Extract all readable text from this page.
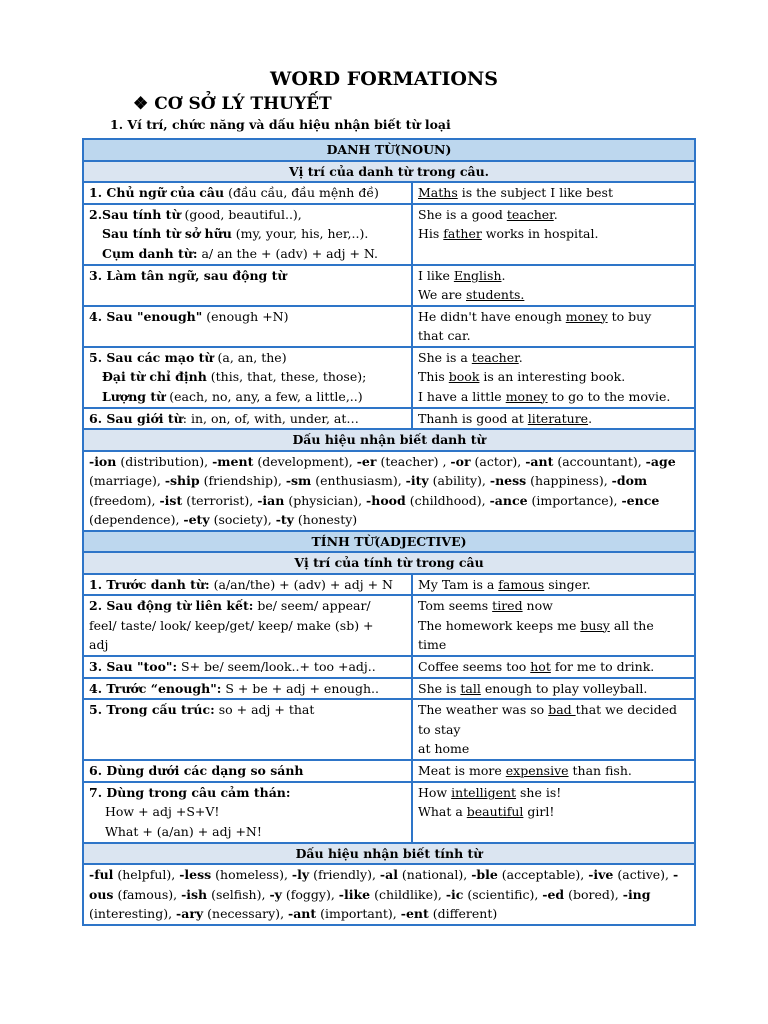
WORD FORMATIONS
❖ CƠ SỞ LÝ THUYẾT
1. Ví trí, chức năng và dấu hiệu nhận biết từ loại
DANH TỪ(NOUN)	
Vị trí của danh từ trong câu.	
1. Chủ ngữ của câu (đầu cầu, đầu mệnh đề)	Maths is the subject I like best

2.Sau tính từ (good, beautiful..),
Sau tính từ sở hữu (my, your, his, her,..).
Cụm danh từ: a/ an the + (adv) + adj + N.	She is a good teacher.
His father works in hospital.

3. Làm tân ngữ, sau động từ	I like English.
We are students.

4. Sau "enough" (enough +N)	He didn't have enough money to buy
that car.

5. Sau các mạo từ (a, an, the)
Đại từ chỉ định (this, that, these, those);
Lượng từ (each, no, any, a few, a little,..)	She is a teacher.
This book is an interesting book.
I have a little money to go to the movie.

6. Sau giới từ: in, on, of, with, under, at…	Thanh is good at literature.
Dấu hiệu nhận biết danh từ	
-ion (distribution), -ment (development), -er (teacher) , -or (actor), -ant (accountant), -age (marriage), -ship (friendship), -sm (enthusiasm), -ity (ability), -ness (happiness), -dom (freedom), -ist (terrorist), -ian (physician), -hood (childhood), -ance (importance), -ence (dependence), -ety (society), -ty (honesty)	
TÍNH TỪ(ADJECTIVE)	
Vị trí của tính từ trong câu	
1. Trước danh từ: (a/an/the) + (adv) + adj + N	My Tam is a famous singer.

2. Sau động từ liên kết: be/ seem/ appear/
feel/ taste/ look/ keep/get/ keep/ make (sb) +
adj	Tom seems tired now
The homework keeps me busy all the
time

3. Sau "too": S+ be/ seem/look..+ too +adj..	Coffee seems too hot for me to drink.
4. Trước “enough": S + be + adj + enough..	She is tall enough to play volleyball.
5. Trong cấu trúc: so + adj + that	The weather was so bad that we decided
to stay
at home

6. Dùng dưới các dạng so sánh	Meat is more expensive than fish.

7. Dùng trong câu cảm thán:
How + adj +S+V!
What + (a/an) + adj +N!	How intelligent she is!
What a beautiful girl!

Dấu hiệu nhận biết tính từ	
-ful (helpful), -less (homeless), -ly (friendly), -al (national), -ble (acceptable), -ive (active), -ous (famous), -ish (selfish), -y (foggy), -like (childlike), -ic (scientific), -ed (bored), -ing (interesting), -ary (necessary), -ant (important), -ent (different)	
